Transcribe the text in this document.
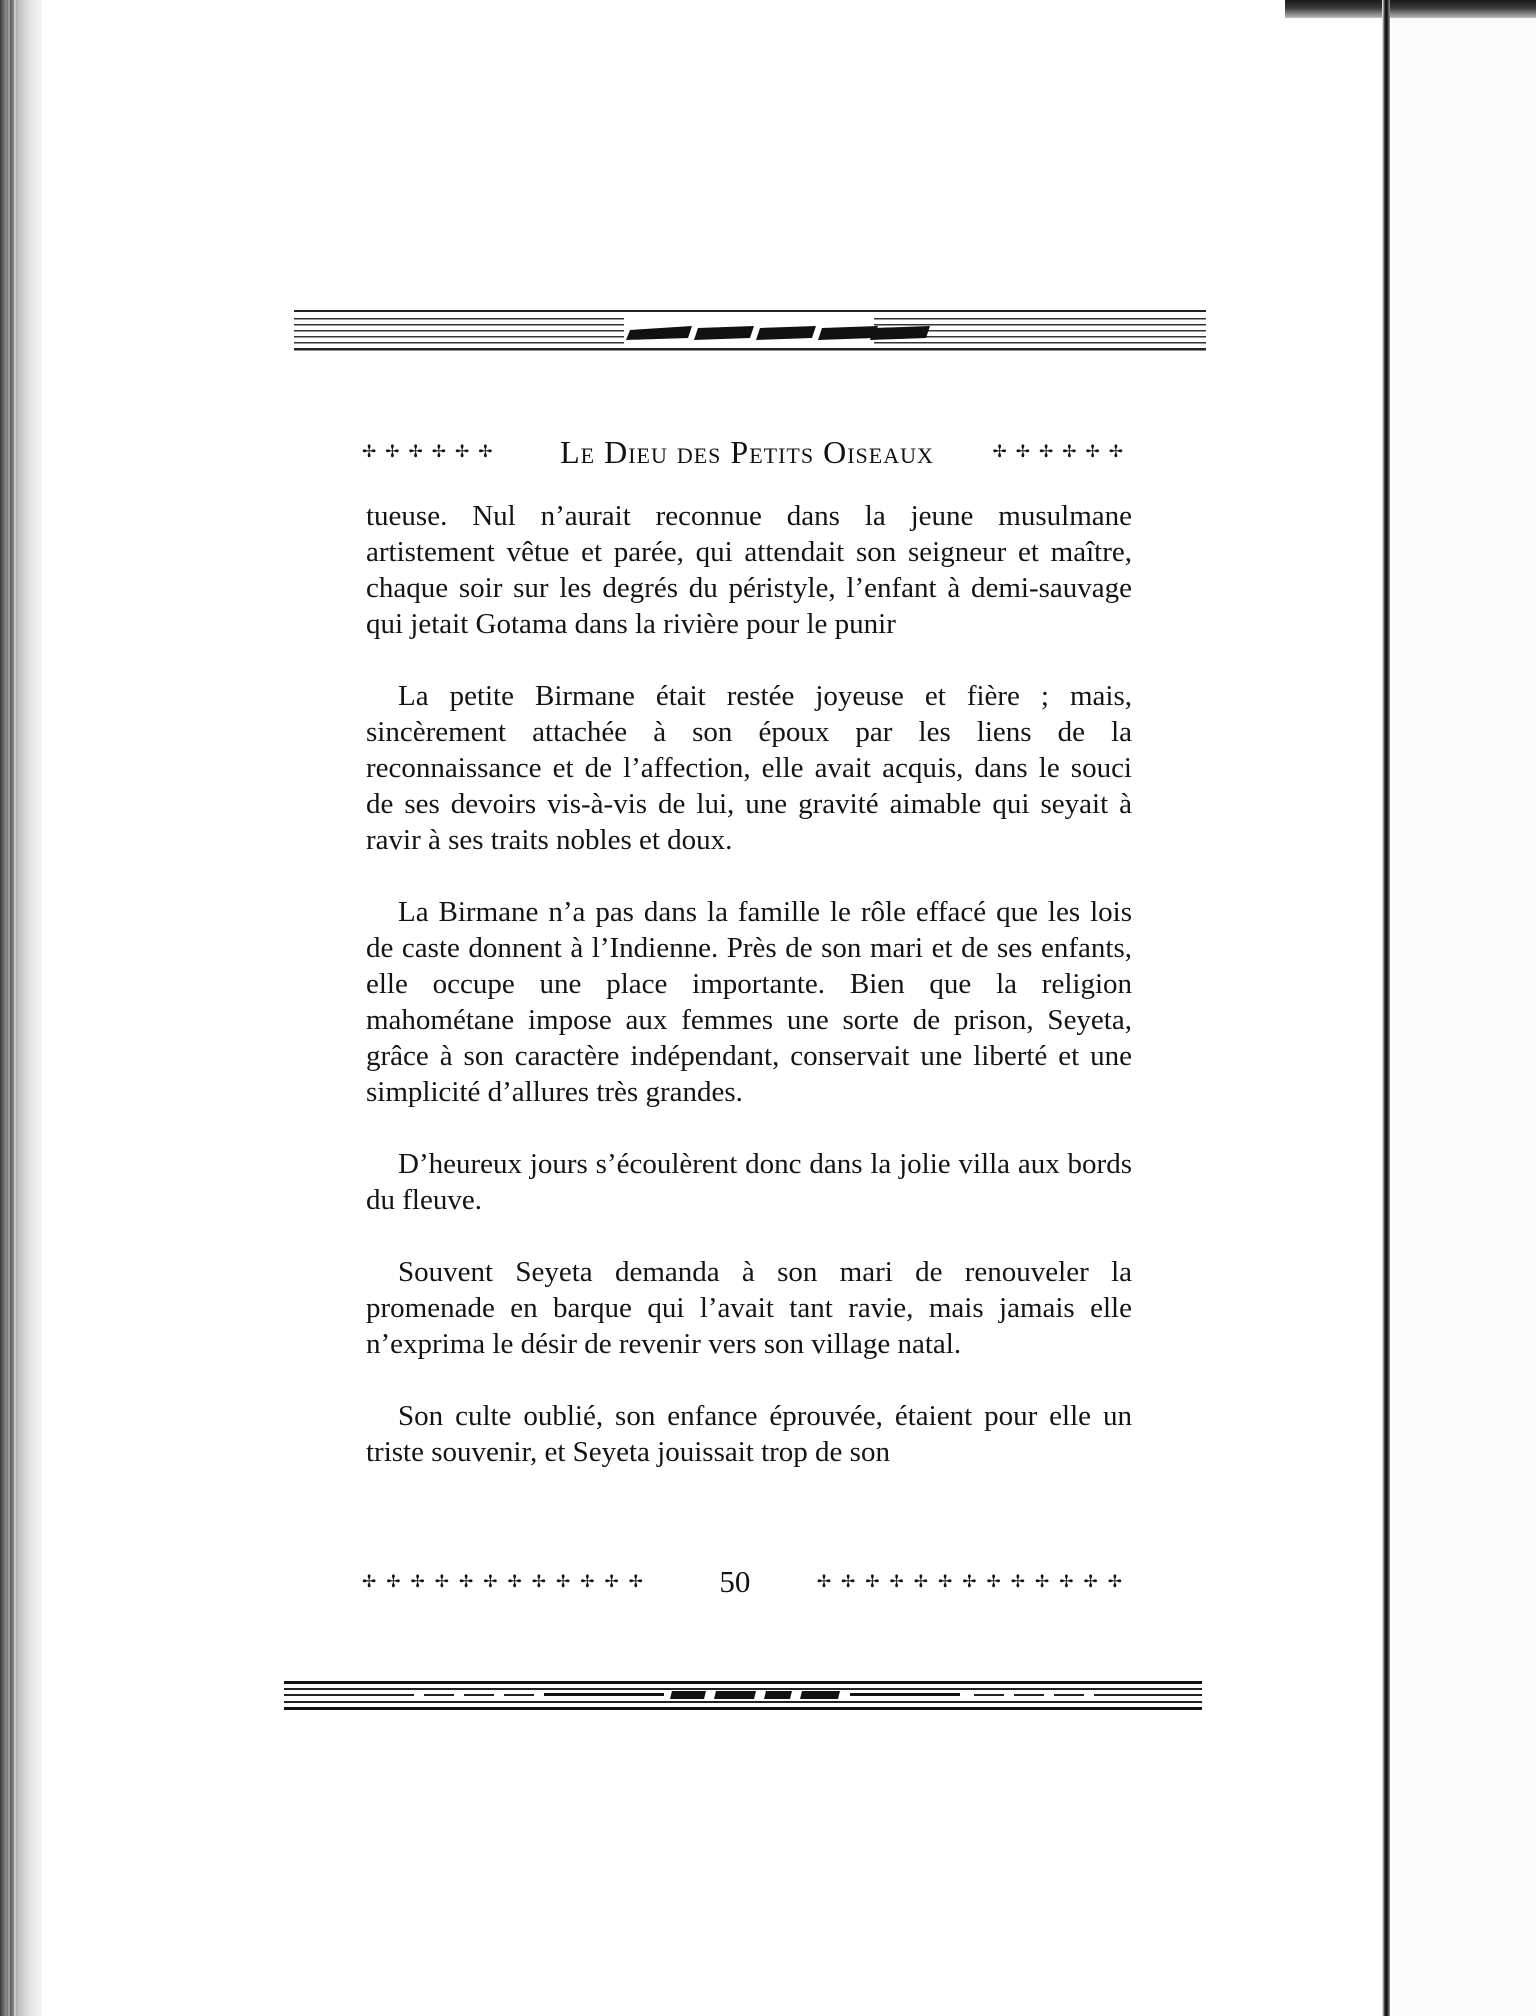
✢✢✢✢✢✢ Le Dieu des Petits Oiseaux	✢✢✢✢✢✢

tueuse. Nul n’aurait reconnue dans la jeune musulmane artistement vêtue et parée, qui attendait son seigneur et maître, chaque soir sur les degrés du péristyle, l’enfant à demi-sauvage qui jetait Gotama dans la rivière pour le punir

La petite Birmane était restée joyeuse et fière ; mais, sincèrement attachée à son époux par les liens de la reconnaissance et de l’affection, elle avait acquis, dans le souci de ses devoirs vis-à-vis de lui, une gravité aimable qui seyait à ravir à ses traits nobles et doux.

La Birmane n’a pas dans la famille le rôle effacé que les lois de caste donnent à l’Indienne. Près de son mari et de ses enfants, elle occupe une place importante. Bien que la religion mahométane impose aux femmes une sorte de prison, Seyeta, grâce à son caractère indépendant, conservait une liberté et une simplicité d’allures très grandes.

D’heureux jours s’écoulèrent donc dans la jolie villa aux bords du fleuve.

Souvent Seyeta demanda à son mari de renouveler la promenade en barque qui l’avait tant ravie, mais jamais elle n’exprima le désir de revenir vers son village natal.

Son culte oublié, son enfance éprouvée, étaient pour elle un triste souvenir, et Seyeta jouissait trop de son

✢✢✢✢✢✢✢✢✢✢✢✢ 50	✢✢✢✢✢✢✢✢✢✢✢✢✢
